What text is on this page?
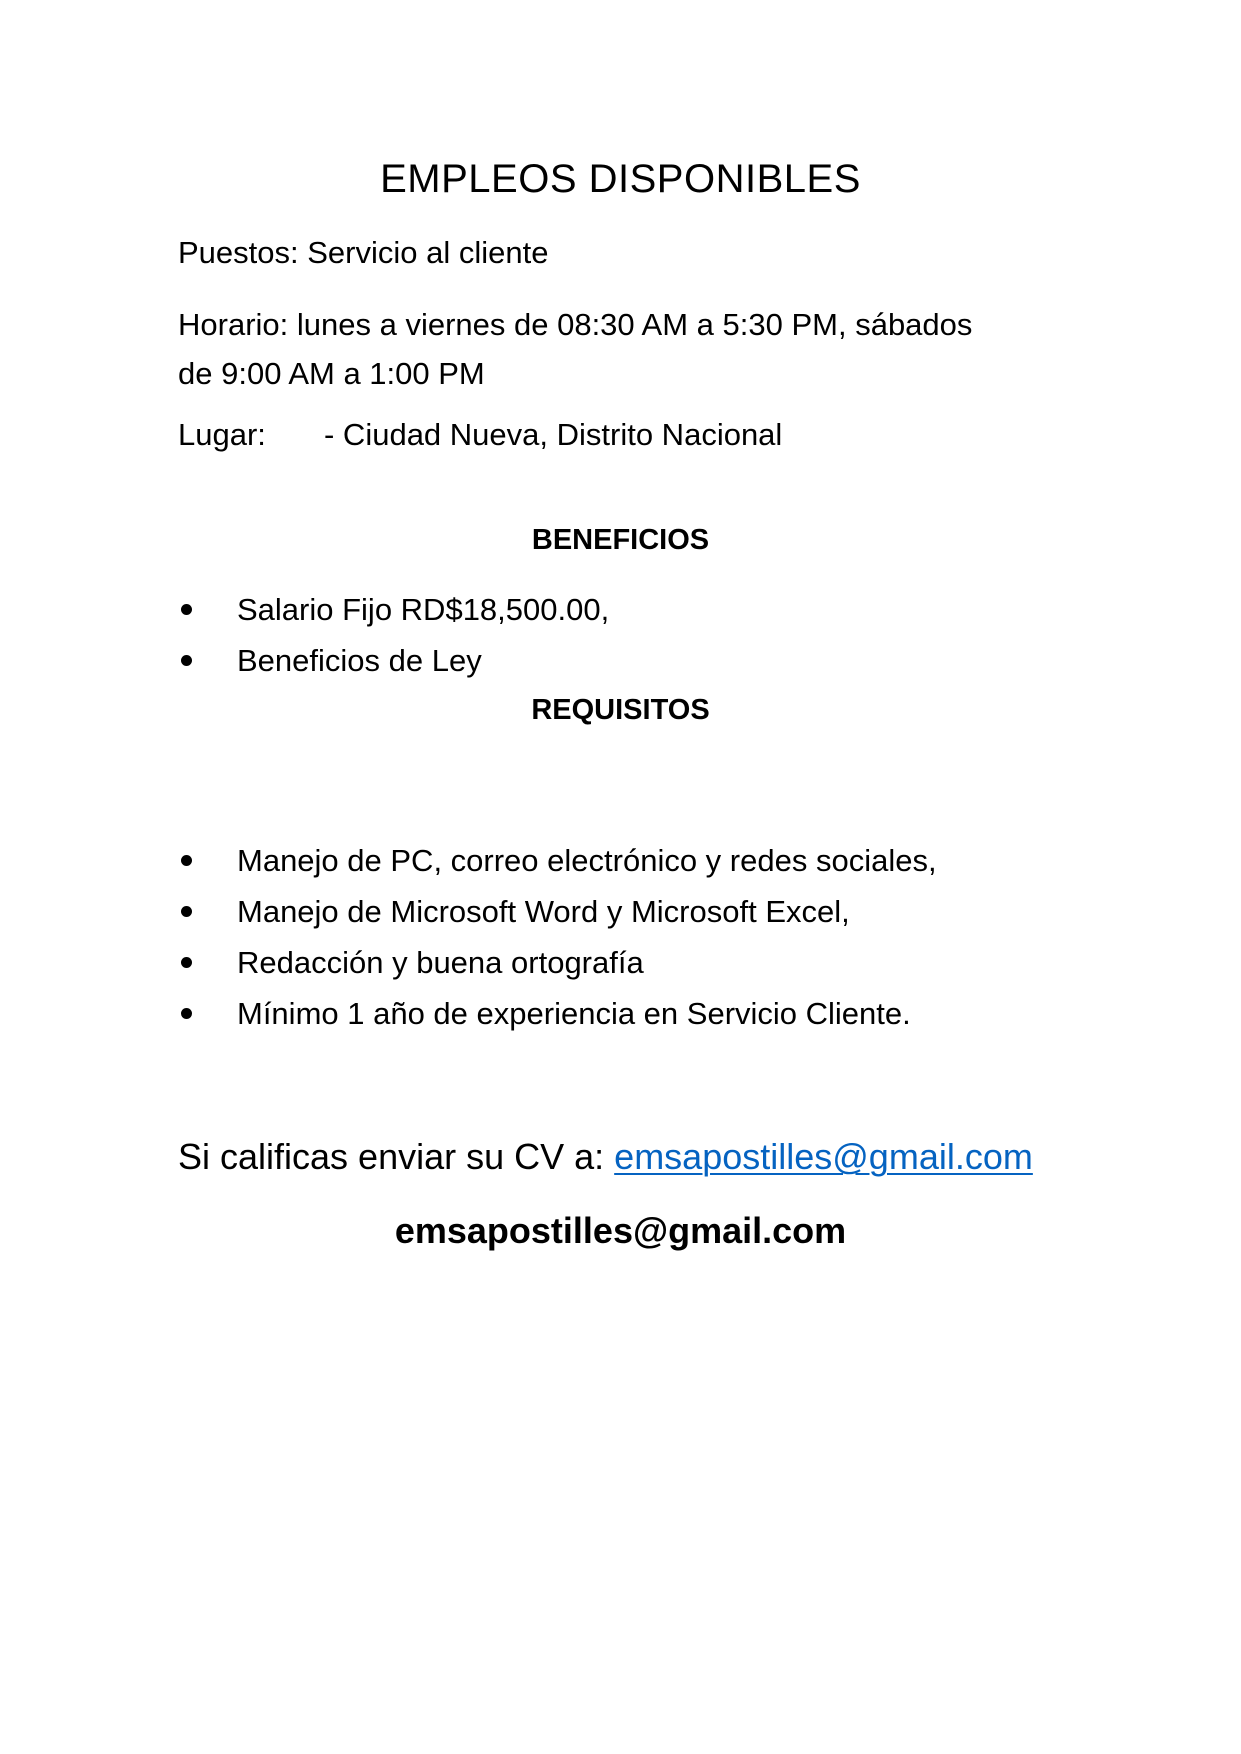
EMPLEOS DISPONIBLES
Puestos: Servicio al cliente
Horario: lunes a viernes de 08:30 AM a 5:30 PM, sábados
de 9:00 AM a 1:00 PM
Lugar: - Ciudad Nueva, Distrito Nacional
BENEFICIOS
Salario Fijo RD$18,500.00,
Beneficios de Ley
REQUISITOS
Manejo de PC, correo electrónico y redes sociales,
Manejo de Microsoft Word y Microsoft Excel,
Redacción y buena ortografía
Mínimo 1 año de experiencia en Servicio Cliente.
Si calificas enviar su CV a: emsapostilles@gmail.com
emsapostilles@gmail.com
